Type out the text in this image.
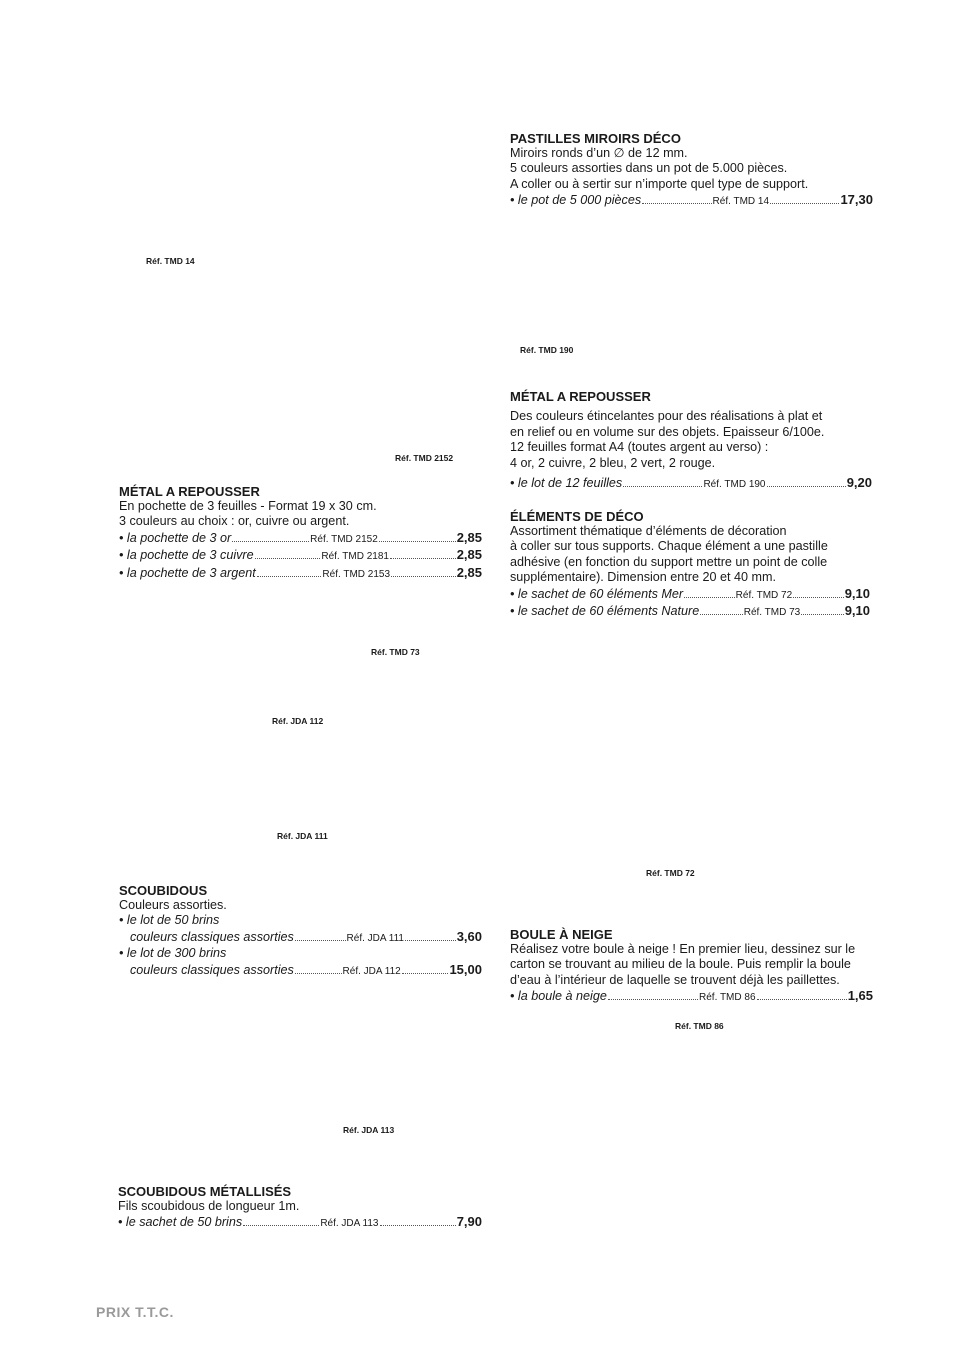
Réf. TMD 14
Réf. TMD 190
Réf. TMD 2152
Réf. TMD 73
Réf. JDA 112
Réf. JDA 111
Réf. TMD 72
Réf. TMD 86
Réf. JDA 113
PASTILLES MIROIRS DÉCO
Miroirs ronds d’un ∅ de 12 mm.
5 couleurs assorties dans un pot de 5.000 pièces.
A coller ou à sertir sur n’importe quel type de support.
• le pot de 5 000 pièces	Réf. TMD 14	17,30
MÉTAL A REPOUSSER
Des couleurs étincelantes pour des réalisations à plat et
en relief ou en volume sur des objets. Epaisseur 6/100e.
12 feuilles format A4 (toutes argent au verso) :
4 or, 2 cuivre, 2 bleu, 2 vert, 2 rouge.
• le lot de 12 feuilles	Réf. TMD 190	9,20
ÉLÉMENTS DE DÉCO
Assortiment thématique d’éléments de décoration
à coller sur tous supports. Chaque élément a une pastille
adhésive (en fonction du support mettre un point de colle
supplémentaire). Dimension entre 20 et 40 mm.
• le sachet de 60 éléments Mer	Réf. TMD 72	9,10
• le sachet de 60 éléments Nature	Réf. TMD 73	9,10
MÉTAL A REPOUSSER
En pochette de 3 feuilles - Format 19 x 30 cm.
3 couleurs au choix : or, cuivre ou argent.
• la pochette de 3 or	Réf. TMD 2152	2,85
• la pochette de 3 cuivre	Réf. TMD 2181	2,85
• la pochette de 3 argent	Réf. TMD 2153	2,85
SCOUBIDOUS
Couleurs assorties.
• le lot de 50 brins
couleurs classiques assorties	Réf. JDA 111	3,60
• le lot de 300 brins
couleurs classiques assorties	Réf. JDA 112	15,00
BOULE À NEIGE
Réalisez votre boule à neige ! En premier lieu, dessinez sur le
carton se trouvant au milieu de la boule. Puis remplir la boule
d’eau à l’intérieur de laquelle se trouvent déjà les paillettes.
• la boule à neige	Réf. TMD 86	1,65
SCOUBIDOUS MÉTALLISÉS
Fils scoubidous de longueur 1m.
• le sachet de 50 brins	Réf. JDA 113	7,90
PRIX T.T.C.
